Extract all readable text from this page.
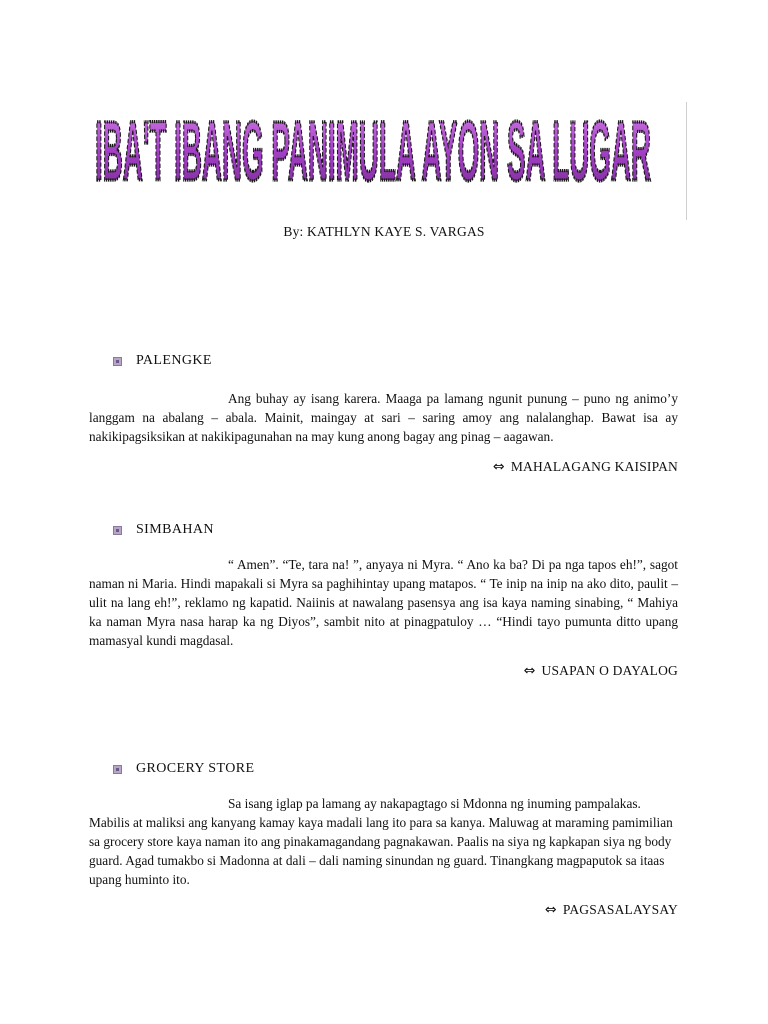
IBA'T IBANG PANIMULA AYON SA LUGAR
By: KATHLYN KAYE S. VARGAS
PALENGKE

Ang buhay ay isang karera. Maaga pa lamang ngunit punung – puno ng animo’y langgam na abalang – abala. Mainit, maingay at sari – saring amoy ang nalalanghap. Bawat isa ay nakikipagsiksikan at nakikipagunahan na may kung anong bagay ang pinag – aagawan.

⇔ MAHALAGANG KAISIPAN
SIMBAHAN

“ Amen”. “Te, tara na! ”, anyaya ni Myra. “ Ano ka ba? Di pa nga tapos eh!”, sagot naman ni Maria. Hindi mapakali si Myra sa paghihintay upang matapos. “ Te inip na inip na ako dito, paulit – ulit na lang eh!”, reklamo ng kapatid. Naiinis at nawalang pasensya ang isa kaya naming sinabing, “ Mahiya ka naman Myra nasa harap ka ng Diyos”, sambit nito at pinagpatuloy … “Hindi tayo pumunta ditto upang mamasyal kundi magdasal.

⇔ USAPAN O DAYALOG
GROCERY STORE

Sa isang iglap pa lamang ay nakapagtago si Mdonna ng inuming pampalakas. Mabilis at maliksi ang kanyang kamay kaya madali lang ito para sa kanya. Maluwag at maraming pamimilian sa grocery store kaya naman ito ang pinakamagandang pagnakawan. Paalis na siya ng kapkapan siya ng body guard. Agad tumakbo si Madonna at dali – dali naming sinundan ng guard. Tinangkang magpaputok sa itaas upang huminto ito.

⇔ PAGSASALAYSAY
